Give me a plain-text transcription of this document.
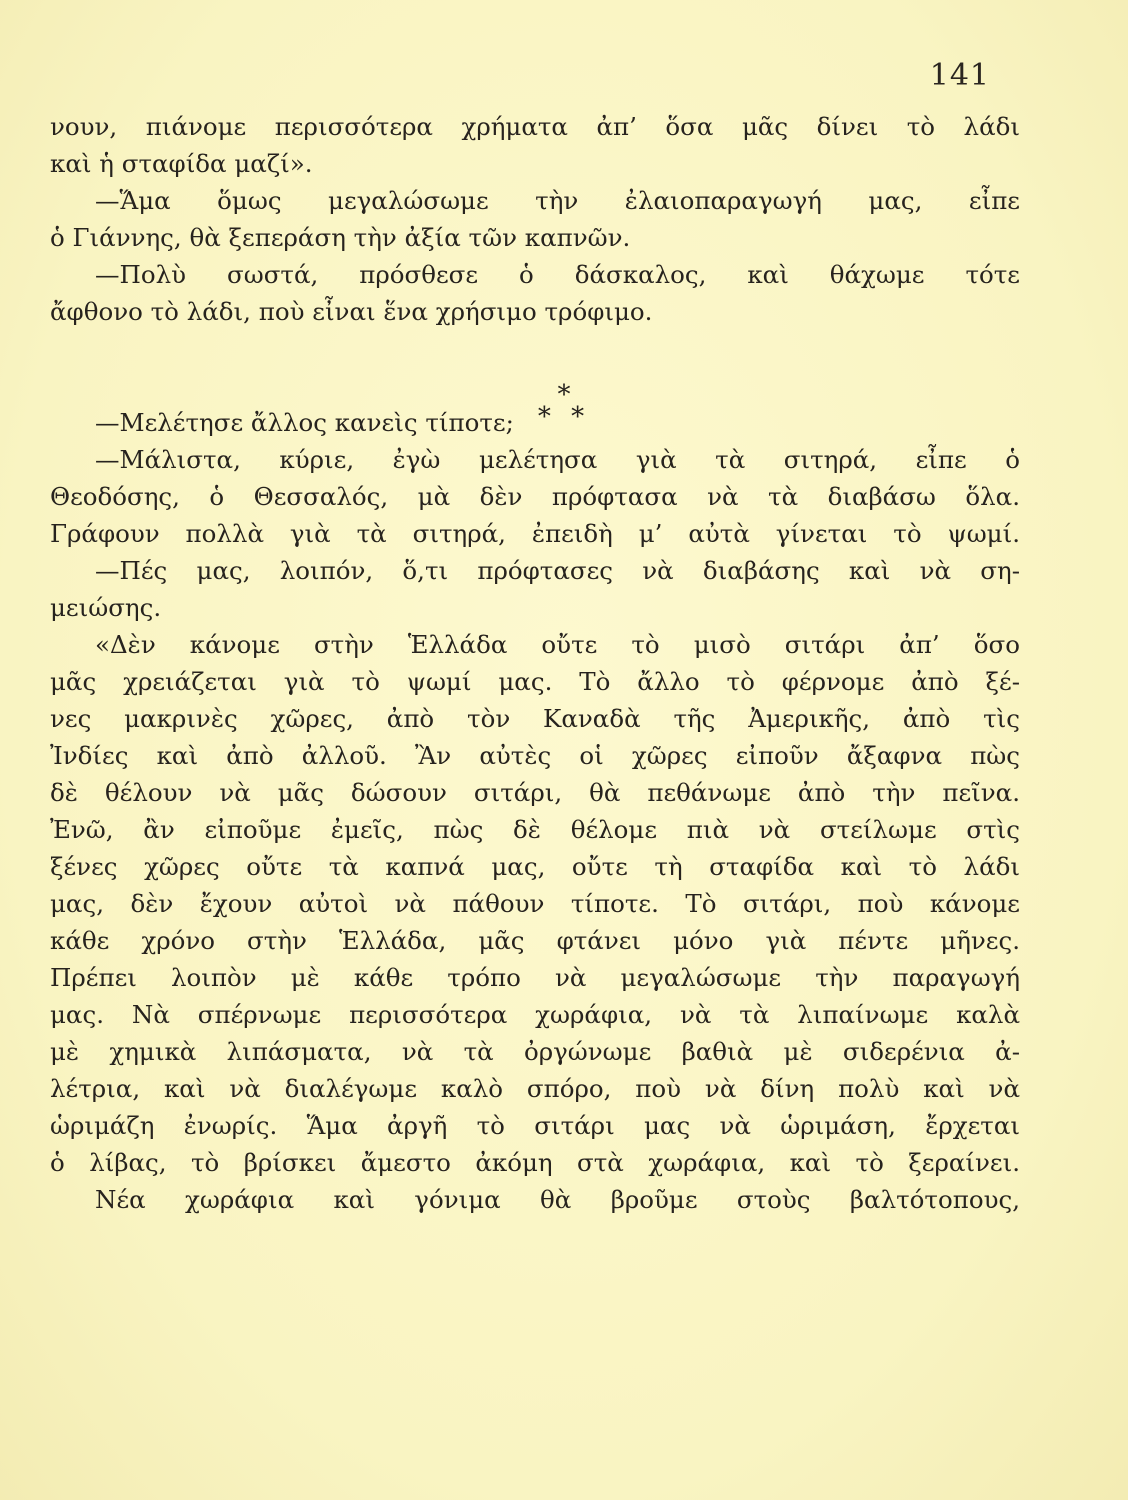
141
*
* *
νουν, πιάνομε περισσότερα χρήματα ἀπ’ ὅσα μᾶς δίνει τὸ λάδι
καὶ ἡ σταφίδα μαζί».
—Ἅμα ὅμως μεγαλώσωμε τὴν ἐλαιοπαραγωγή μας, εἶπε
ὁ Γιάννης, θὰ ξεπεράση τὴν ἀξία τῶν καπνῶν.
—Πολὺ σωστά, πρόσθεσε ὁ δάσκαλος, καὶ θάχωμε τότε
ἄφθονο τὸ λάδι, ποὺ εἶναι ἕνα χρήσιμο τρόφιμο.
—Μελέτησε ἄλλος κανεὶς τίποτε;
—Μάλιστα, κύριε, ἐγὼ μελέτησα γιὰ τὰ σιτηρά, εἶπε ὁ
Θεοδόσης, ὁ Θεσσαλός, μὰ δὲν πρόφτασα νὰ τὰ διαβάσω ὅλα.
Γράφουν πολλὰ γιὰ τὰ σιτηρά, ἐπειδὴ μ’ αὐτὰ γίνεται τὸ ψωμί.
—Πές μας, λοιπόν, ὅ,τι πρόφτασες νὰ διαβάσης καὶ νὰ ση-
μειώσης.
«Δὲν κάνομε στὴν Ἑλλάδα οὔτε τὸ μισὸ σιτάρι ἀπ’ ὅσο
μᾶς χρειάζεται γιὰ τὸ ψωμί μας. Τὸ ἄλλο τὸ φέρνομε ἀπὸ ξέ-
νες μακρινὲς χῶρες, ἀπὸ τὸν Καναδὰ τῆς Ἀμερικῆς, ἀπὸ τὶς
Ἰνδίες καὶ ἀπὸ ἀλλοῦ. Ἂν αὐτὲς οἱ χῶρες εἰποῦν ἄξαφνα πὼς
δὲ θέλουν νὰ μᾶς δώσουν σιτάρι, θὰ πεθάνωμε ἀπὸ τὴν πεῖνα.
Ἐνῶ, ἂν εἰποῦμε ἐμεῖς, πὼς δὲ θέλομε πιὰ νὰ στείλωμε στὶς
ξένες χῶρες οὔτε τὰ καπνά μας, οὔτε τὴ σταφίδα καὶ τὸ λάδι
μας, δὲν ἔχουν αὐτοὶ νὰ πάθουν τίποτε. Τὸ σιτάρι, ποὺ κάνομε
κάθε χρόνο στὴν Ἑλλάδα, μᾶς φτάνει μόνο γιὰ πέντε μῆνες.
Πρέπει λοιπὸν μὲ κάθε τρόπο νὰ μεγαλώσωμε τὴν παραγωγή
μας. Νὰ σπέρνωμε περισσότερα χωράφια, νὰ τὰ λιπαίνωμε καλὰ
μὲ χημικὰ λιπάσματα, νὰ τὰ ὀργώνωμε βαθιὰ μὲ σιδερένια ἀ-
λέτρια, καὶ νὰ διαλέγωμε καλὸ σπόρο, ποὺ νὰ δίνη πολὺ καὶ νὰ
ὡριμάζη ἐνωρίς. Ἅμα ἀργῆ τὸ σιτάρι μας νὰ ὡριμάση, ἔρχεται
ὁ λίβας, τὸ βρίσκει ἄμεστο ἀκόμη στὰ χωράφια, καὶ τὸ ξεραίνει.
Νέα χωράφια καὶ γόνιμα θὰ βροῦμε στοὺς βαλτότοπους,
